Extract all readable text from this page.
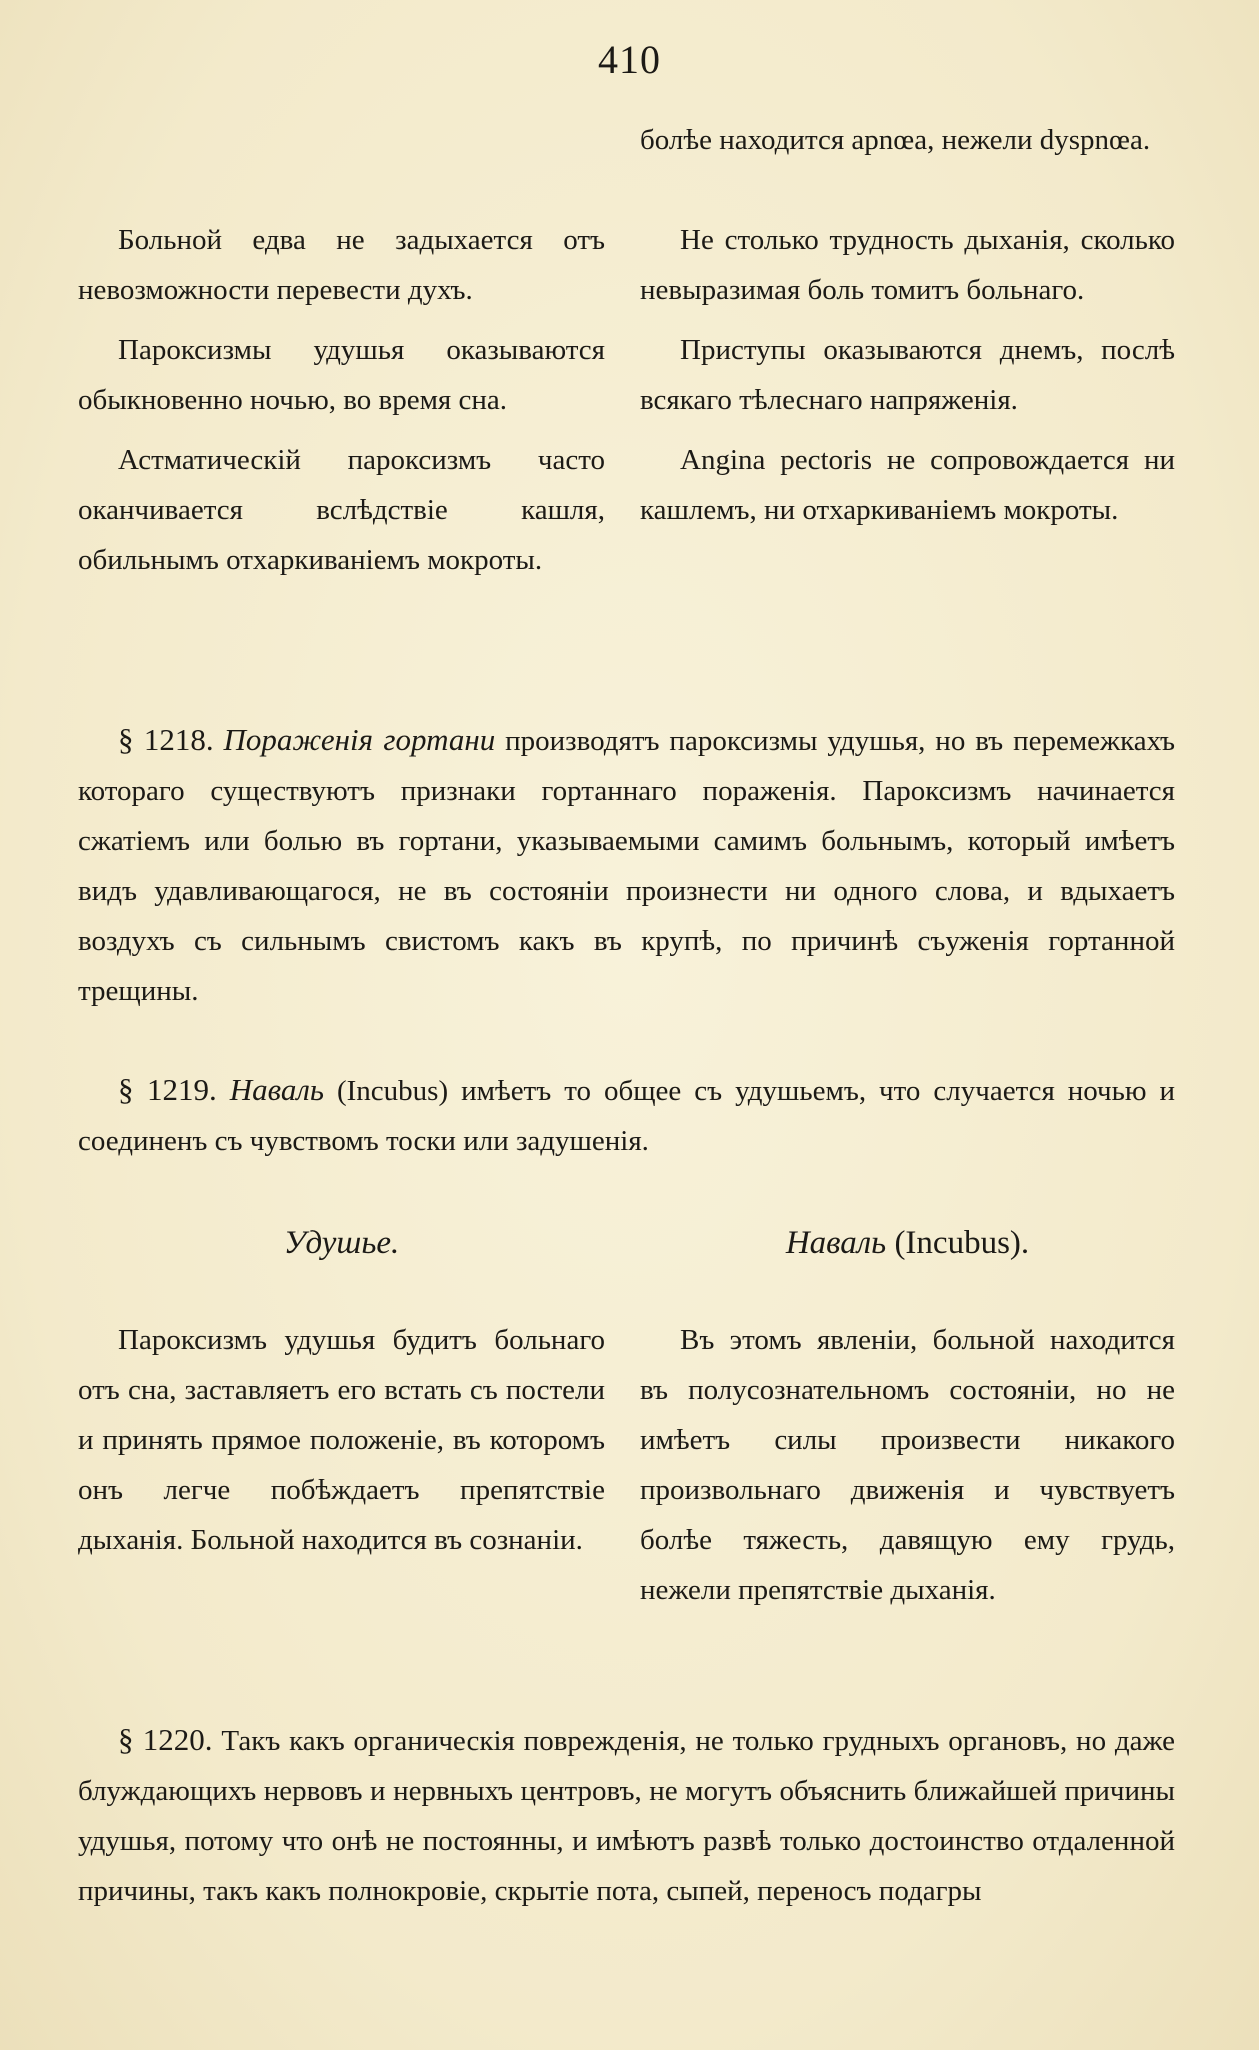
410

болѣе находится apnœa, нежели dyspnœa.

Больной едва не задыхается отъ невозможности перевести духъ.

Пароксизмы удушья оказываются обыкновенно ночью, во время сна.

Астматическій пароксизмъ часто оканчивается вслѣдствіе кашля, обильнымъ отхаркиваніемъ мокроты.

Не столько трудность дыханія, сколько невыразимая боль томитъ больнаго.

Приступы оказываются днемъ, послѣ всякаго тѣлеснаго напряженія.

Angina pectoris не сопровождается ни кашлемъ, ни отхаркиваніемъ мокроты.

§ 1218. Пораженія гортани производятъ пароксизмы удушья, но въ перемежкахъ котораго существуютъ признаки гортаннаго пораженія. Пароксизмъ начинается сжатіемъ или болью въ гортани, указываемыми самимъ больнымъ, который имѣетъ видъ удавливающагося, не въ состояніи произнести ни одного слова, и вдыхаетъ воздухъ съ сильнымъ свистомъ какъ въ крупѣ, по причинѣ съуженія гортанной трещины.

§ 1219. Наваль (Incubus) имѣетъ то общее съ удушьемъ, что случается ночью и соединенъ съ чувствомъ тоски или задушенія.

Удушье.	Наваль (Incubus).

Пароксизмъ удушья будитъ больнаго отъ сна, заставляетъ его встать съ постели и принять прямое положеніе, въ которомъ онъ легче побѣждаетъ препятствіе дыханія. Больной находится въ сознаніи.

Въ этомъ явленіи, больной находится въ полусознательномъ состояніи, но не имѣетъ силы произвести никакого произвольнаго движенія и чувствуетъ болѣе тяжесть, давящую ему грудь, нежели препятствіе дыханія.

§ 1220. Такъ какъ органическія поврежденія, не только грудныхъ органовъ, но даже блуждающихъ нервовъ и нервныхъ центровъ, не могутъ объяснить ближайшей причины удушья, потому что онѣ не постоянны, и имѣютъ развѣ только достоинство отдаленной причины, такъ какъ полнокровіе, скрытіе пота, сыпей, переносъ подагры
